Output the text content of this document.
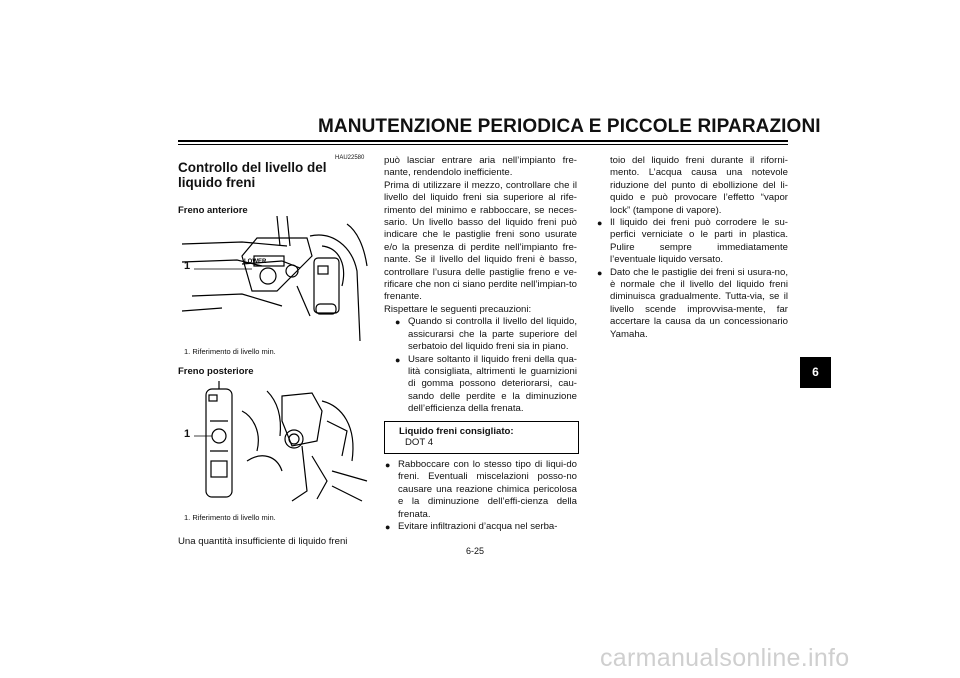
MANUTENZIONE PERIODICA E PICCOLE RIPARAZIONI
HAU22580
Controllo del livello del liquido freni
Freno anteriore
LOWER
1
1. Riferimento di livello min.
Freno posteriore
1
1. Riferimento di livello min.
Una quantità insufficiente di liquido freni

può lasciar entrare aria nell’impianto fre-nante, rendendolo inefficiente.

Prima di utilizzare il mezzo, controllare che il livello del liquido freni sia superiore al rife-rimento del minimo e rabboccare, se neces-sario. Un livello basso del liquido freni può indicare che le pastiglie freni sono usurate e/o la presenza di perdite nell’impianto fre-nante. Se il livello del liquido freni è basso, controllare l’usura delle pastiglie freno e ve-rificare che non ci siano perdite nell’impian-to frenante.

Rispettare le seguenti precauzioni:

● Quando si controlla il livello del liquido, assicurarsi che la parte superiore del serbatoio del liquido freni sia in piano.
● Usare soltanto il liquido freni della qua-lità consigliata, altrimenti le guarnizioni di gomma possono deteriorarsi, cau-sando delle perdite e la diminuzione dell’efficienza della frenata.
Liquido freni consigliato:
DOT 4
● Rabboccare con lo stesso tipo di liqui-do freni. Eventuali miscelazioni posso-no causare una reazione chimica pericolosa e la diminuzione dell’effi-cienza della frenata.
● Evitare infiltrazioni d’acqua nel serba-

toio del liquido freni durante il riforni-mento. L’acqua causa una notevole riduzione del punto di ebollizione del li-quido e può provocare l’effetto “vapor lock” (tampone di vapore).

● Il liquido dei freni può corrodere le su-perfici verniciate o le parti in plastica. Pulire sempre immediatamente l’eventuale liquido versato.
● Dato che le pastiglie dei freni si usura-no, è normale che il livello del liquido freni diminuisca gradualmente. Tutta-via, se il livello scende improvvisa-mente, far accertare la causa da un concessionario Yamaha.
6
6-25
carmanualsonline.info
